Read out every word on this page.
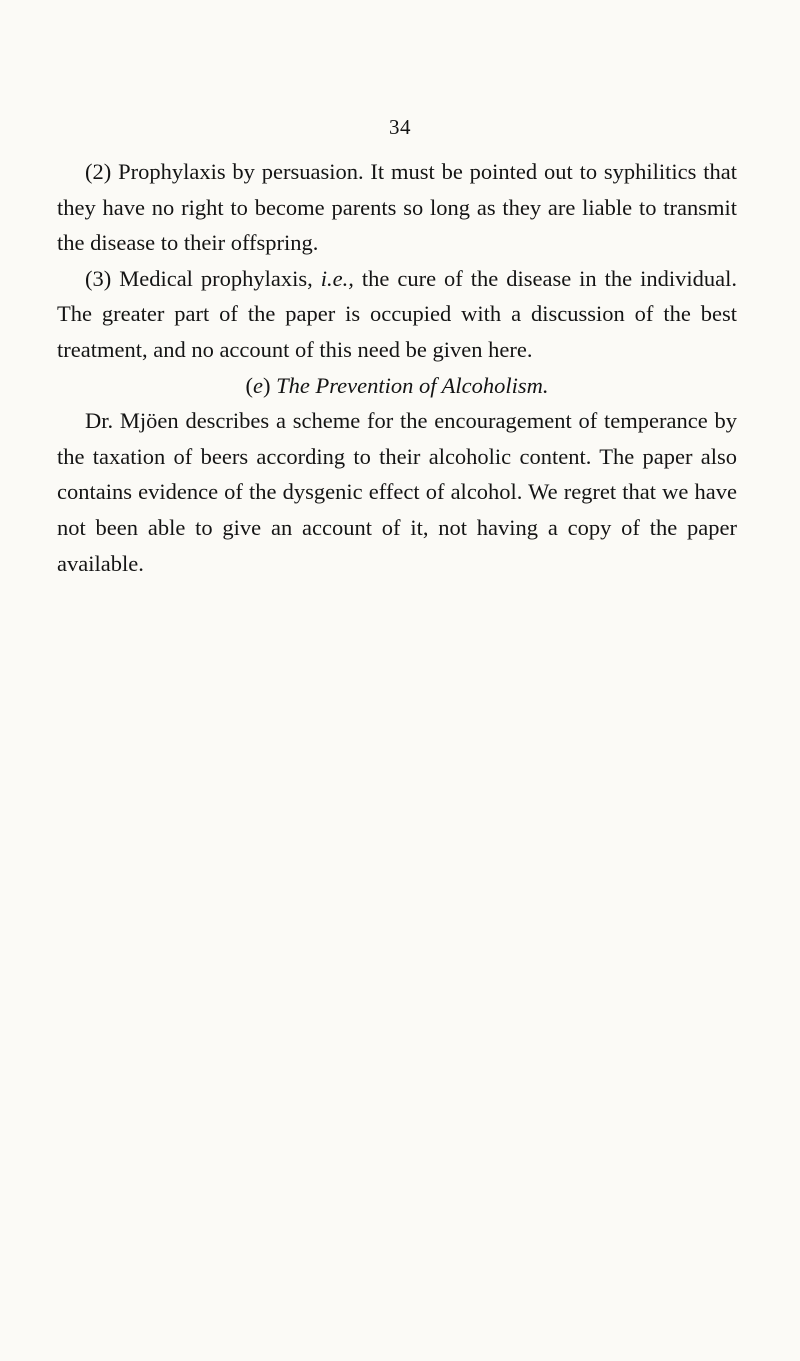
34

(2) Prophylaxis by persuasion. It must be pointed out to syphilitics that they have no right to become parents so long as they are liable to transmit the disease to their offspring.

(3) Medical prophylaxis, i.e., the cure of the disease in the individual. The greater part of the paper is occupied with a discussion of the best treatment, and no account of this need be given here.

(e) The Prevention of Alcoholism.

Dr. Mjöen describes a scheme for the encouragement of temperance by the taxation of beers according to their alcoholic content. The paper also contains evidence of the dysgenic effect of alcohol. We regret that we have not been able to give an account of it, not having a copy of the paper available.
